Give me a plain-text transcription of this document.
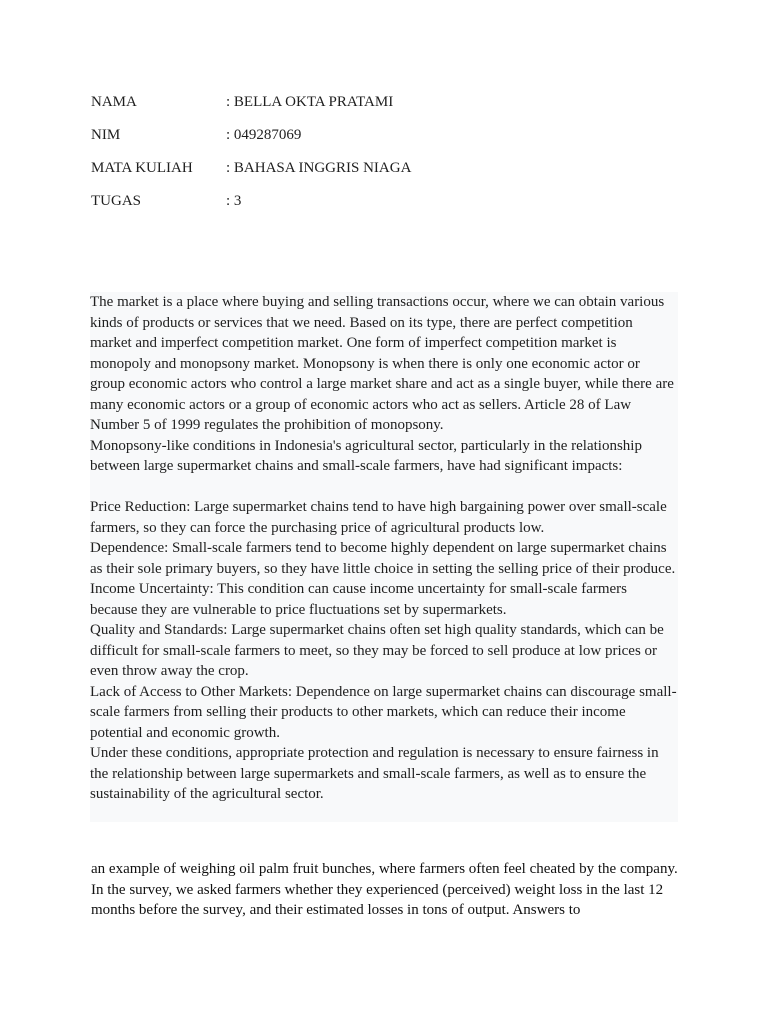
NAMA	: BELLA OKTA PRATAMI
NIM	: 049287069
MATA KULIAH	: BAHASA INGGRIS NIAGA
TUGAS	: 3

The market is a place where buying and selling transactions occur, where we can obtain various kinds of products or services that we need. Based on its type, there are perfect competition market and imperfect competition market. One form of imperfect competition market is monopoly and monopsony market. Monopsony is when there is only one economic actor or group economic actors who control a large market share and act as a single buyer, while there are many economic actors or a group of economic actors who act as sellers. Article 28 of Law Number 5 of 1999 regulates the prohibition of monopsony.

Monopsony-like conditions in Indonesia's agricultural sector, particularly in the relationship between large supermarket chains and small-scale farmers, have had significant impacts:

Price Reduction: Large supermarket chains tend to have high bargaining power over small-scale farmers, so they can force the purchasing price of agricultural products low.

Dependence: Small-scale farmers tend to become highly dependent on large supermarket chains as their sole primary buyers, so they have little choice in setting the selling price of their produce.

Income Uncertainty: This condition can cause income uncertainty for small-scale farmers because they are vulnerable to price fluctuations set by supermarkets.

Quality and Standards: Large supermarket chains often set high quality standards, which can be difficult for small-scale farmers to meet, so they may be forced to sell produce at low prices or even throw away the crop.

Lack of Access to Other Markets: Dependence on large supermarket chains can discourage small-scale farmers from selling their products to other markets, which can reduce their income potential and economic growth.

Under these conditions, appropriate protection and regulation is necessary to ensure fairness in the relationship between large supermarkets and small-scale farmers, as well as to ensure the sustainability of the agricultural sector.

an example of weighing oil palm fruit bunches, where farmers often feel cheated by the company. In the survey, we asked farmers whether they experienced (perceived) weight loss in the last 12 months before the survey, and their estimated losses in tons of output. Answers to
